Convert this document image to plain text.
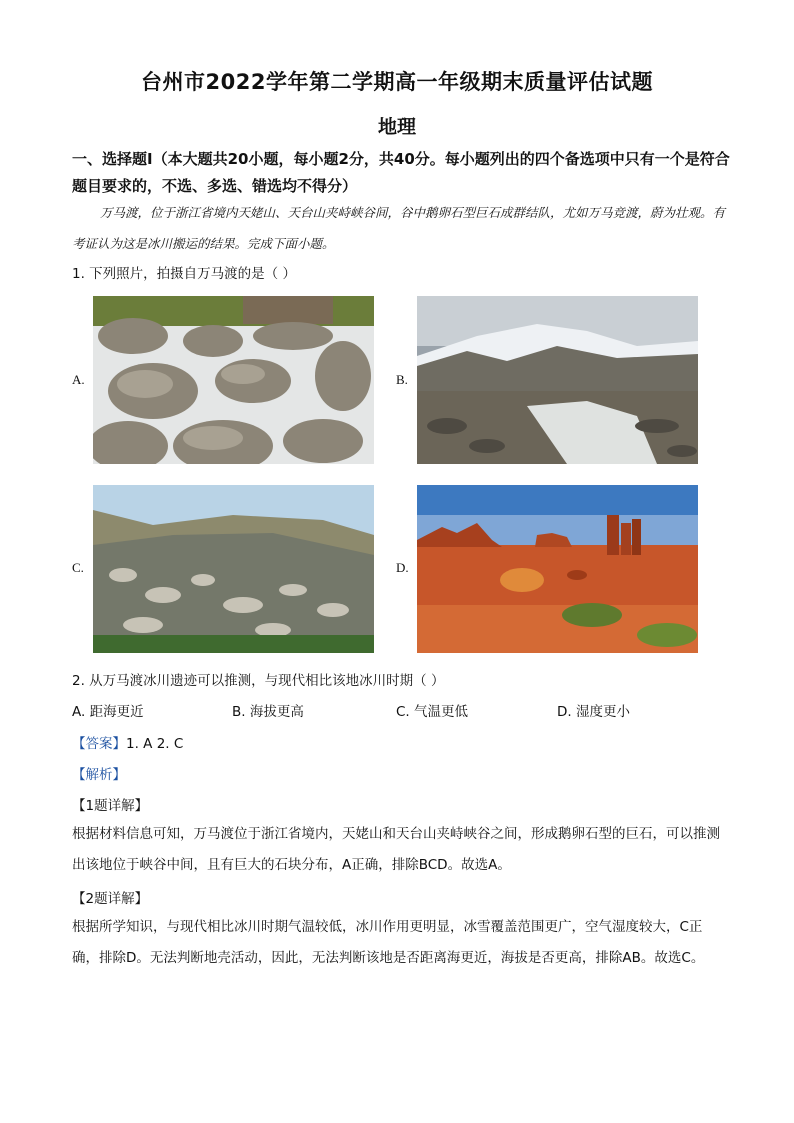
台州市2022学年第二学期高一年级期末质量评估试题
地理
一、选择题Ⅰ（本大题共20小题，每小题2分，共40分。每小题列出的四个备选项中只有一个是符合题目要求的，不选、多选、错选均不得分）
万马渡，位于浙江省境内天姥山、天台山夹峙峡谷间，谷中鹅卵石型巨石成群结队，尤如万马竞渡，蔚为壮观。有考证认为这是冰川搬运的结果。完成下面小题。
1. 下列照片，拍摄自万马渡的是（ ）
A.	B.
C.	D.
2. 从万马渡冰川遗迹可以推测，与现代相比该地冰川时期（ ）
A. 距海更近	B. 海拔更高	C. 气温更低	D. 湿度更小
【答案】1. A 2. C
【解析】
【1题详解】
根据材料信息可知，万马渡位于浙江省境内，天姥山和天台山夹峙峡谷之间，形成鹅卵石型的巨石，可以推测出该地位于峡谷中间，且有巨大的石块分布，A正确，排除BCD。故选A。
【2题详解】
根据所学知识，与现代相比冰川时期气温较低，冰川作用更明显，冰雪覆盖范围更广，空气湿度较大，C正确，排除D。无法判断地壳活动，因此，无法判断该地是否距离海更近，海拔是否更高，排除AB。故选C。
